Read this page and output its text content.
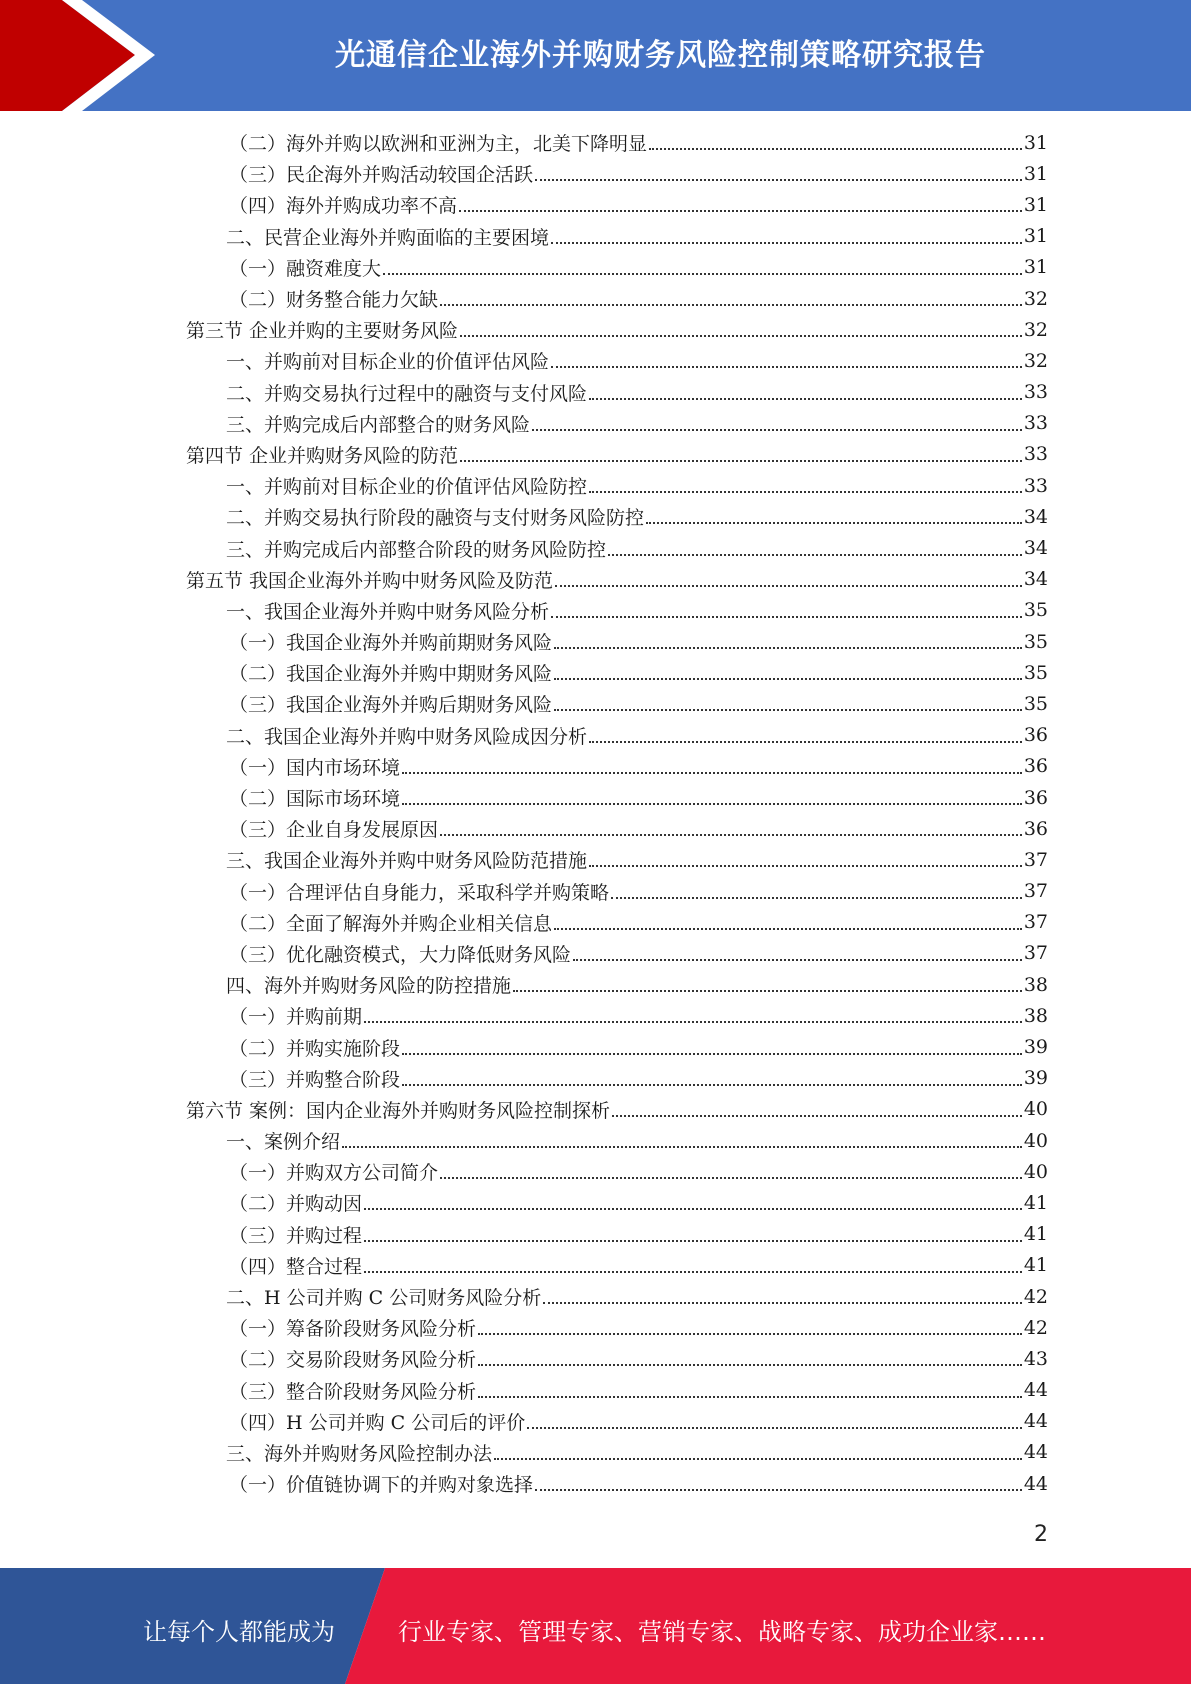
光通信企业海外并购财务风险控制策略研究报告
（二）海外并购以欧洲和亚洲为主，北美下降明显	31
（三）民企海外并购活动较国企活跃	31
（四）海外并购成功率不高	31
二、民营企业海外并购面临的主要困境	31
（一）融资难度大	31
（二）财务整合能力欠缺	32
第三节 企业并购的主要财务风险	32
一、并购前对目标企业的价值评估风险	32
二、并购交易执行过程中的融资与支付风险	33
三、并购完成后内部整合的财务风险	33
第四节 企业并购财务风险的防范	33
一、并购前对目标企业的价值评估风险防控	33
二、并购交易执行阶段的融资与支付财务风险防控	34
三、并购完成后内部整合阶段的财务风险防控	34
第五节 我国企业海外并购中财务风险及防范	34
一、我国企业海外并购中财务风险分析	35
（一）我国企业海外并购前期财务风险	35
（二）我国企业海外并购中期财务风险	35
（三）我国企业海外并购后期财务风险	35
二、我国企业海外并购中财务风险成因分析	36
（一）国内市场环境	36
（二）国际市场环境	36
（三）企业自身发展原因	36
三、我国企业海外并购中财务风险防范措施	37
（一）合理评估自身能力，采取科学并购策略	37
（二）全面了解海外并购企业相关信息	37
（三）优化融资模式，大力降低财务风险	37
四、海外并购财务风险的防控措施	38
（一）并购前期	38
（二）并购实施阶段	39
（三）并购整合阶段	39
第六节 案例：国内企业海外并购财务风险控制探析	40
一、案例介绍	40
（一）并购双方公司简介	40
（二）并购动因	41
（三）并购过程	41
（四）整合过程	41
二、H 公司并购 C 公司财务风险分析	42
（一）筹备阶段财务风险分析	42
（二）交易阶段财务风险分析	43
（三）整合阶段财务风险分析	44
（四）H 公司并购 C 公司后的评价	44
三、海外并购财务风险控制办法	44
（一）价值链协调下的并购对象选择	44
2
让每个人都能成为	行业专家、管理专家、营销专家、战略专家、成功企业家……
